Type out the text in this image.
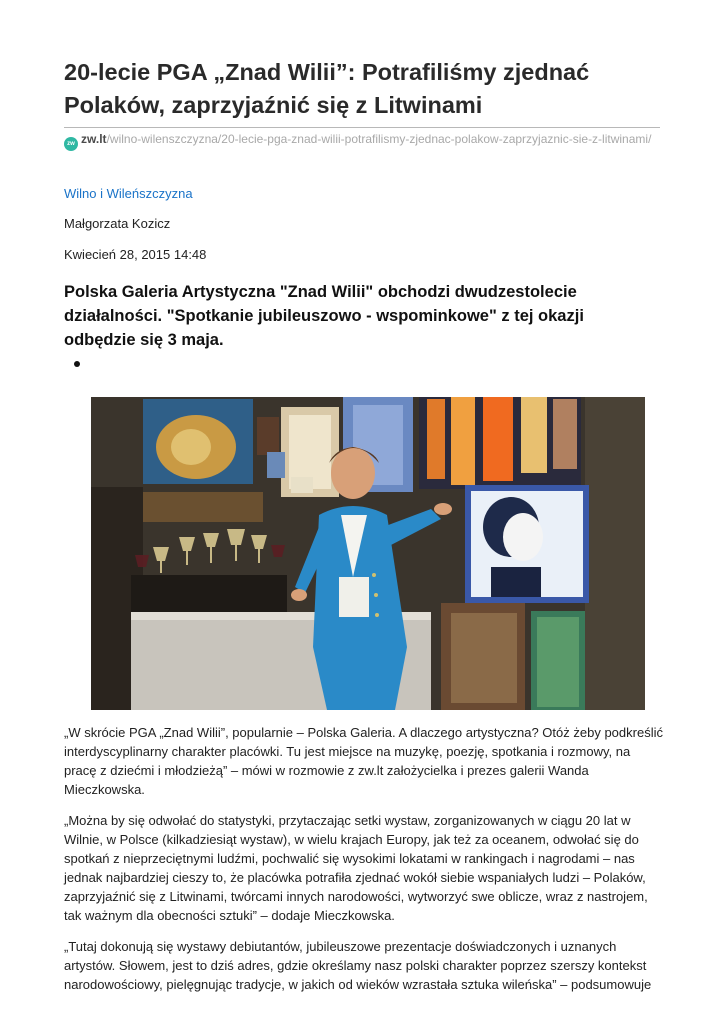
20-lecie PGA „Znad Wilii”: Potrafiliśmy zjednać Polaków, zaprzyjaźnić się z Litwinami
zw zw.lt/wilno-wilenszczyzna/20-lecie-pga-znad-wilii-potrafilismy-zjednac-polakow-zaprzyjaznic-sie-z-litwinami/
Wilno i Wileńszczyzna
Małgorzata Kozicz
Kwiecień 28, 2015 14:48

Polska Galeria Artystyczna "Znad Wilii" obchodzi dwudzestolecie działalności. "Spotkanie jubileuszowo - wspominkowe" z tej okazji odbędzie się 3 maja.

„W skrócie PGA „Znad Wilii”, popularnie – Polska Galeria. A dlaczego artystyczna? Otóż żeby podkreślić interdyscyplinarny charakter placówki. Tu jest miejsce na muzykę, poezję, spotkania i rozmowy, na pracę z dziećmi i młodzieżą” – mówi w rozmowie z zw.lt założycielka i prezes galerii Wanda Mieczkowska.

„Można by się odwołać do statystyki, przytaczając setki wystaw, zorganizowanych w ciągu 20 lat w Wilnie, w Polsce (kilkadziesiąt wystaw), w wielu krajach Europy, jak też za oceanem, odwołać się do spotkań z nieprzeciętnymi ludźmi, pochwalić się wysokimi lokatami w rankingach i nagrodami – nas jednak najbardziej cieszy to, że placówka potrafiła zjednać wokół siebie wspaniałych ludzi – Polaków, zaprzyjaźnić się z Litwinami, twórcami innych narodowości, wytworzyć swe oblicze, wraz z nastrojem, tak ważnym dla obecności sztuki” – dodaje Mieczkowska.

„Tutaj dokonują się wystawy debiutantów, jubileuszowe prezentacje doświadczonych i uznanych artystów. Słowem, jest to dziś adres, gdzie określamy nasz polski charakter poprzez szerszy kontekst narodowościowy, pielęgnując tradycje, w jakich od wieków wzrastała sztuka wileńska” – podsumowuje
